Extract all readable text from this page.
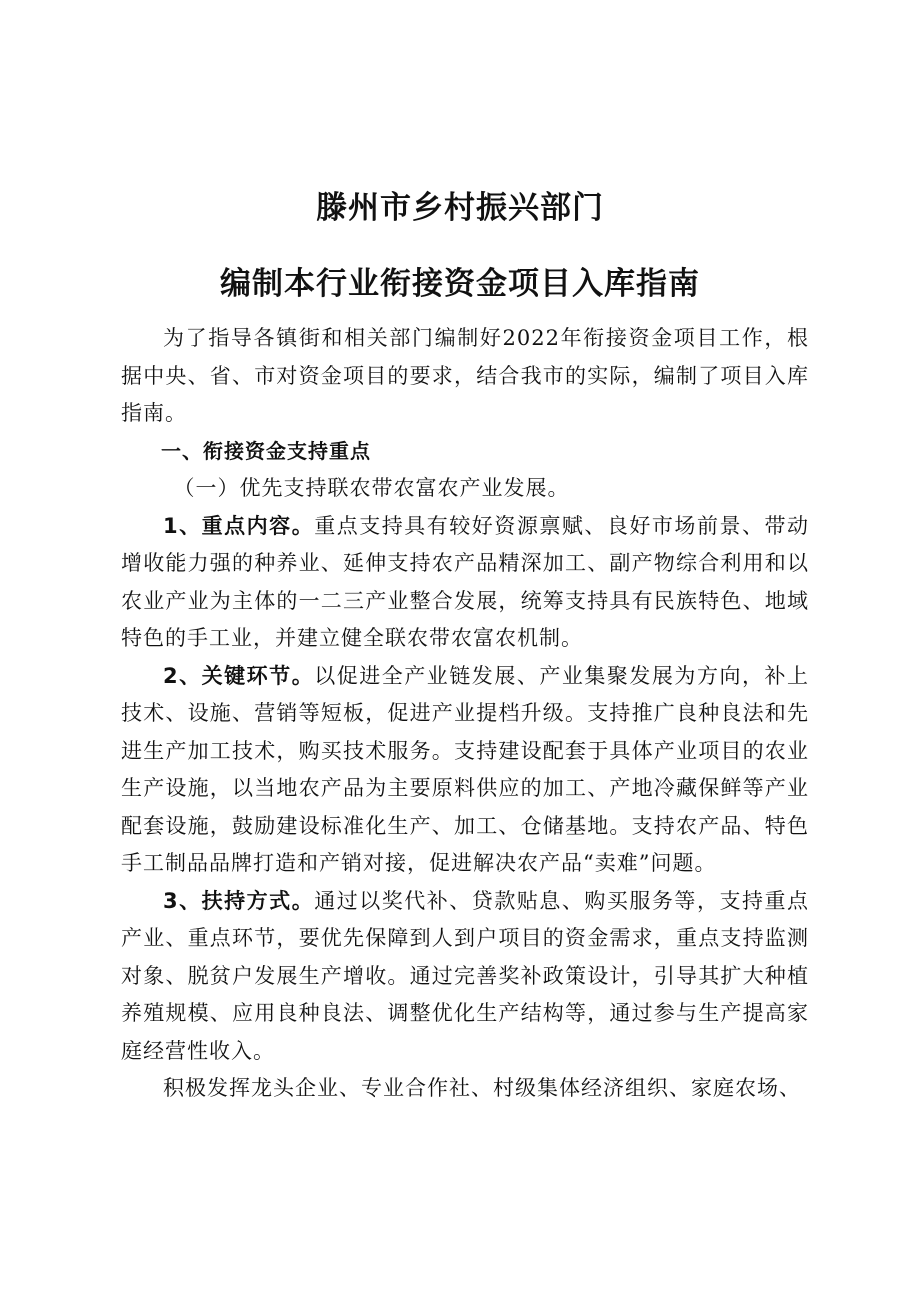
滕州市乡村振兴部门
编制本行业衔接资金项目入库指南

为了指导各镇街和相关部门编制好2022年衔接资金项目工作，根据中央、省、市对资金项目的要求，结合我市的实际，编制了项目入库指南。

一、衔接资金支持重点

（一）优先支持联农带农富农产业发展。

1、重点内容。重点支持具有较好资源禀赋、良好市场前景、带动增收能力强的种养业、延伸支持农产品精深加工、副产物综合利用和以农业产业为主体的一二三产业整合发展，统筹支持具有民族特色、地域特色的手工业，并建立健全联农带农富农机制。

2、关键环节。以促进全产业链发展、产业集聚发展为方向，补上技术、设施、营销等短板，促进产业提档升级。支持推广良种良法和先进生产加工技术，购买技术服务。支持建设配套于具体产业项目的农业生产设施，以当地农产品为主要原料供应的加工、产地冷藏保鲜等产业配套设施，鼓励建设标准化生产、加工、仓储基地。支持农产品、特色手工制品品牌打造和产销对接，促进解决农产品“卖难”问题。

3、扶持方式。通过以奖代补、贷款贴息、购买服务等，支持重点产业、重点环节，要优先保障到人到户项目的资金需求，重点支持监测对象、脱贫户发展生产增收。通过完善奖补政策设计，引导其扩大种植养殖规模、应用良种良法、调整优化生产结构等，通过参与生产提高家庭经营性收入。

积极发挥龙头企业、专业合作社、村级集体经济组织、家庭农场、
